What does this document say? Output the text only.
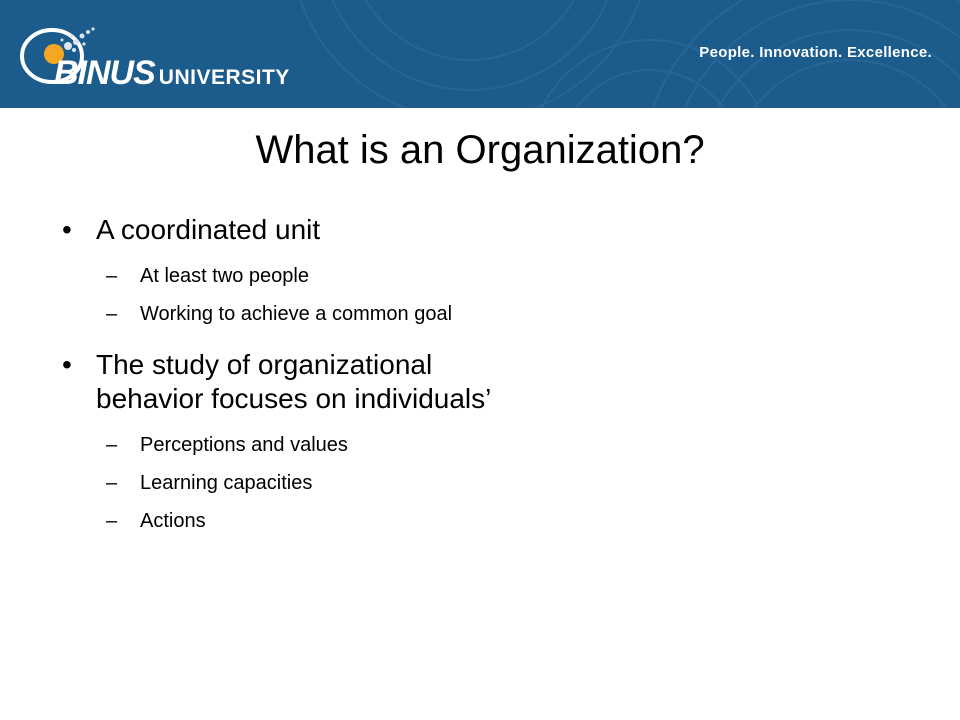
BINUS UNIVERSITY
People. Innovation. Excellence.
What is an Organization?
• A coordinated unit
– At least two people
– Working to achieve a common goal
• The study of organizational
behavior focuses on individuals’
– Perceptions and values
– Learning capacities
– Actions
